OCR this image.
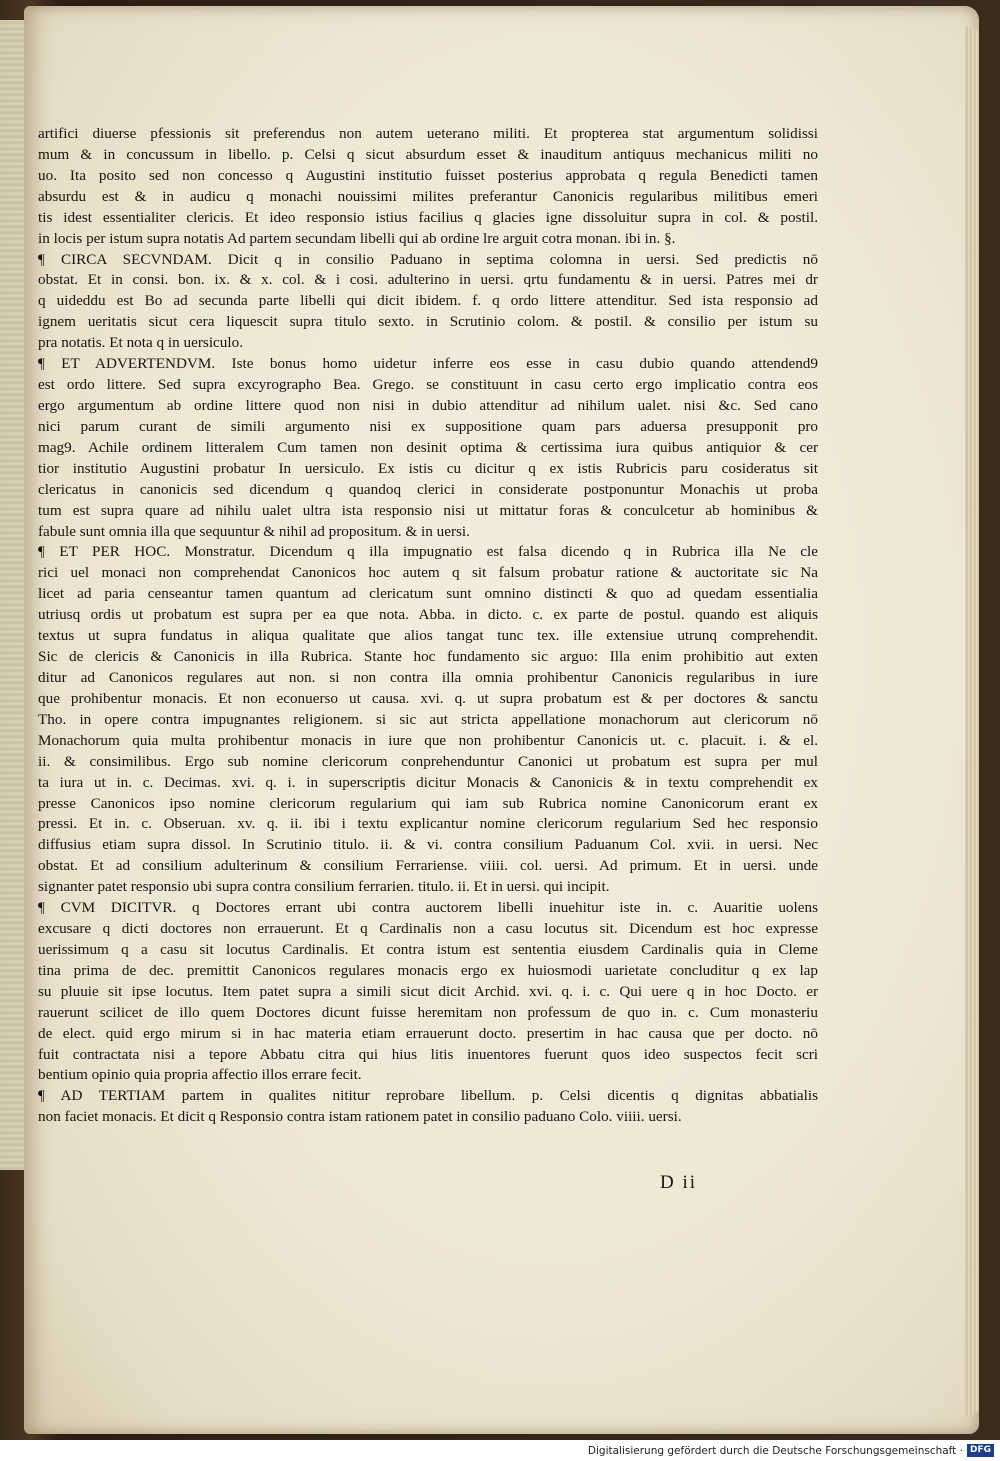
artifici diuerse pfessionis sit preferendus non autem ueterano militi. Et propterea stat argumentum solidissi
mum & in concussum in libello. p. Celsi q sicut absurdum esset & inauditum antiquus mechanicus militi no
uo. Ita posito sed non concesso q Augustini institutio fuisset posterius approbata q regula Benedicti tamen
absurdu est & in audicu q monachi nouissimi milites preferantur Canonicis regularibus militibus emeri
tis idest essentialiter clericis. Et ideo responsio istius facilius q glacies igne dissoluitur supra in col. & postil.
in locis per istum supra notatis Ad partem secundam libelli qui ab ordine lre arguit cotra monan. ibi in. §.
¶ CIRCA SECVNDAM. Dicit q in consilio Paduano in septima colomna in uersi. Sed predictis nō
obstat. Et in consi. bon. ix. & x. col. & i cosi. adulterino in uersi. qrtu fundamentu & in uersi. Patres mei dr
q uideddu est Bo ad secunda parte libelli qui dicit ibidem. f. q ordo littere attenditur. Sed ista responsio ad
ignem ueritatis sicut cera liquescit supra titulo sexto. in Scrutinio colom. & postil. & consilio per istum su
pra notatis. Et nota q in uersiculo.
¶ ET ADVERTENDVM. Iste bonus homo uidetur inferre eos esse in casu dubio quando attendend9
est ordo littere. Sed supra excyrographo Bea. Grego. se constituunt in casu certo ergo implicatio contra eos
ergo argumentum ab ordine littere quod non nisi in dubio attenditur ad nihilum ualet. nisi &c. Sed cano
nici parum curant de simili argumento nisi ex suppositione quam pars aduersa presupponit pro
mag9. Achile ordinem litteralem Cum tamen non desinit optima & certissima iura quibus antiquior & cer
tior institutio Augustini probatur In uersiculo. Ex istis cu dicitur q ex istis Rubricis paru cosideratus sit
clericatus in canonicis sed dicendum q quandoq clerici in considerate postponuntur Monachis ut proba
tum est supra quare ad nihilu ualet ultra ista responsio nisi ut mittatur foras & conculcetur ab hominibus &
fabule sunt omnia illa que sequuntur & nihil ad propositum. & in uersi.
¶ ET PER HOC. Monstratur. Dicendum q illa impugnatio est falsa dicendo q in Rubrica illa Ne cle
rici uel monaci non comprehendat Canonicos hoc autem q sit falsum probatur ratione & auctoritate sic Na
licet ad paria censeantur tamen quantum ad clericatum sunt omnino distincti & quo ad quedam essentialia
utriusq ordis ut probatum est supra per ea que nota. Abba. in dicto. c. ex parte de postul. quando est aliquis
textus ut supra fundatus in aliqua qualitate que alios tangat tunc tex. ille extensiue utrunq comprehendit.
Sic de clericis & Canonicis in illa Rubrica. Stante hoc fundamento sic arguo: Illa enim prohibitio aut exten
ditur ad Canonicos regulares aut non. si non contra illa omnia prohibentur Canonicis regularibus in iure
que prohibentur monacis. Et non econuerso ut causa. xvi. q. ut supra probatum est & per doctores & sanctu
Tho. in opere contra impugnantes religionem. si sic aut stricta appellatione monachorum aut clericorum nō
Monachorum quia multa prohibentur monacis in iure que non prohibentur Canonicis ut. c. placuit. i. & el.
ii. & consimilibus. Ergo sub nomine clericorum conprehenduntur Canonici ut probatum est supra per mul
ta iura ut in. c. Decimas. xvi. q. i. in superscriptis dicitur Monacis & Canonicis & in textu comprehendit ex
presse Canonicos ipso nomine clericorum regularium qui iam sub Rubrica nomine Canonicorum erant ex
pressi. Et in. c. Obseruan. xv. q. ii. ibi i textu explicantur nomine clericorum regularium Sed hec responsio
diffusius etiam supra dissol. In Scrutinio titulo. ii. & vi. contra consilium Paduanum Col. xvii. in uersi. Nec
obstat. Et ad consilium adulterinum & consilium Ferrariense. viiii. col. uersi. Ad primum. Et in uersi. unde
signanter patet responsio ubi supra contra consilium ferrarien. titulo. ii. Et in uersi. qui incipit.
¶ CVM DICITVR. q Doctores errant ubi contra auctorem libelli inuehitur iste in. c. Auaritie uolens
excusare q dicti doctores non errauerunt. Et q Cardinalis non a casu locutus sit. Dicendum est hoc expresse
uerissimum q a casu sit locutus Cardinalis. Et contra istum est sententia eiusdem Cardinalis quia in Cleme
tina prima de dec. premittit Canonicos regulares monacis ergo ex huiosmodi uarietate concluditur q ex lap
su pluuie sit ipse locutus. Item patet supra a simili sicut dicit Archid. xvi. q. i. c. Qui uere q in hoc Docto. er
rauerunt scilicet de illo quem Doctores dicunt fuisse heremitam non professum de quo in. c. Cum monasteriu
de elect. quid ergo mirum si in hac materia etiam errauerunt docto. presertim in hac causa que per docto. nō
fuit contractata nisi a tepore Abbatu citra qui hius litis inuentores fuerunt quos ideo suspectos fecit scri
bentium opinio quia propria affectio illos errare fecit.
¶ AD TERTIAM partem in qualites nititur reprobare libellum. p. Celsi dicentis q dignitas abbatialis
non faciet monacis. Et dicit q Responsio contra istam rationem patet in consilio paduano Colo. viiii. uersi.
D ii
Digitalisierung gefördert durch die Deutsche Forschungsgemeinschaft · DFG
